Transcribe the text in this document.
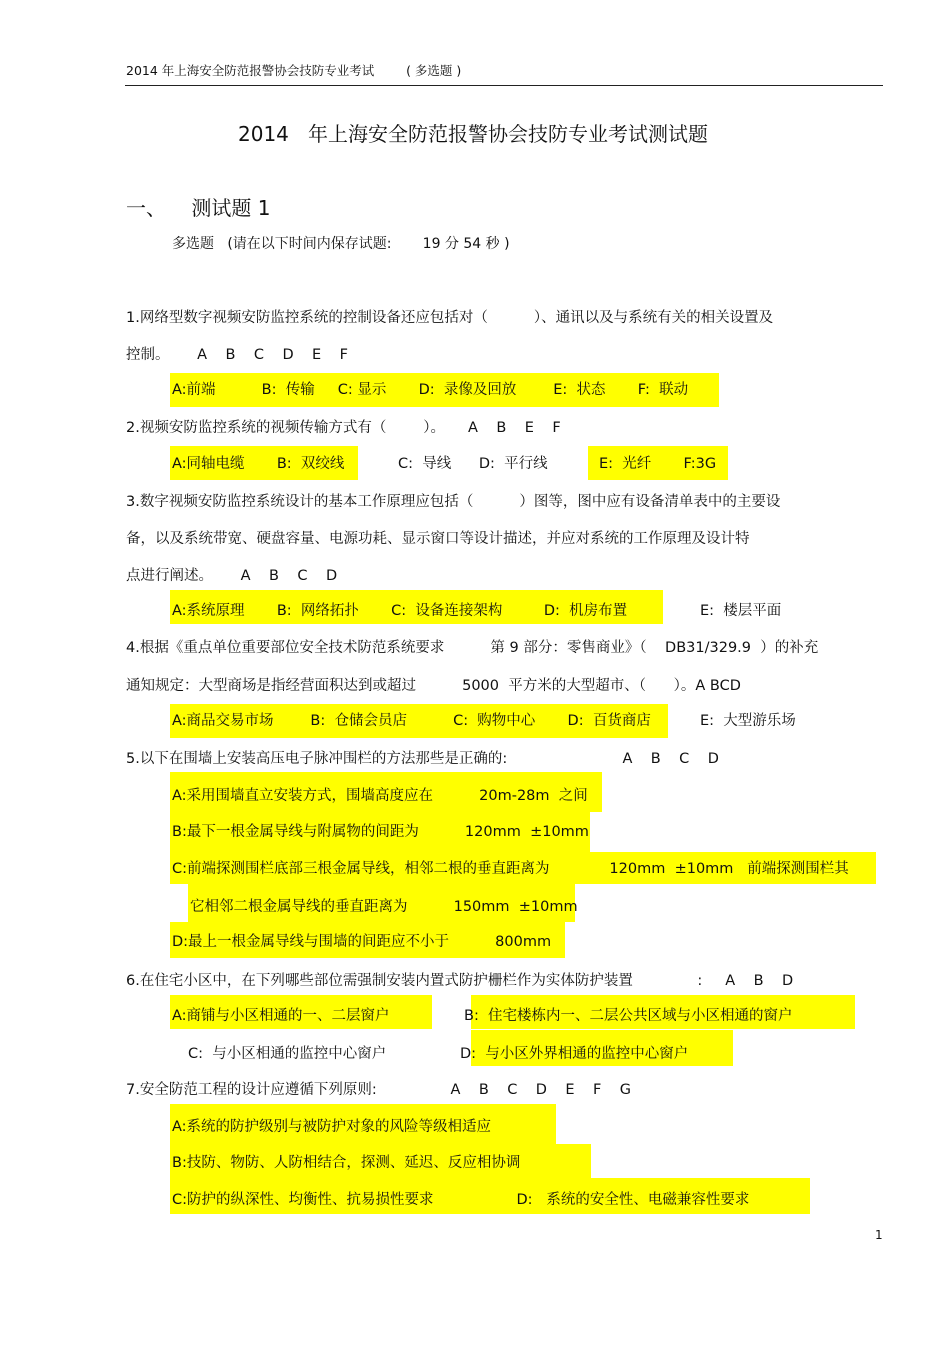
2014 年上海安全防范报警协会技防专业考试        ( 多选题 )
2014   年上海安全防范报警协会技防专业考试测试题
一、    测试题 1
多选题   (请在以下时间内保存试题:       19 分 54 秒 )
1.网络型数字视频安防监控系统的控制设备还应包括对（          ）、通讯以及与系统有关的相关设置及
控制。      A    B    C    D    E    F
A:前端          B:  传输     C: 显示       D:  录像及回放        E:  状态       F:  联动
2.视频安防监控系统的视频传输方式有（        ）。     A    B    E    F
A:同轴电缆       B:  双绞线	C:  导线      D:  平行线	E:  光纤       F:3G
3.数字视频安防监控系统设计的基本工作原理应包括（          ）图等，图中应有设备清单表中的主要设
备，以及系统带宽、硬盘容量、电源功耗、显示窗口等设计描述，并应对系统的工作原理及设计特
点进行阐述。      A    B    C    D
A:系统原理       B:  网络拓扑       C:  设备连接架构         D:  机房布置	E:  楼层平面
4.根据《重点单位重要部位安全技术防范系统要求          第 9 部分：零售商业》（    DB31/329.9  ）的补充
通知规定：大型商场是指经营面积达到或超过          5000  平方米的大型超市、（      ）。A BCD
A:商品交易市场        B:  仓储会员店          C:  购物中心       D:  百货商店	E:  大型游乐场
5.以下在围墙上安装高压电子脉冲围栏的方法那些是正确的:                         A    B    C    D
A:采用围墙直立安装方式，围墙高度应在          20m-28m  之间
B:最下一根金属导线与附属物的间距为          120mm  ±10mm
C:前端探测围栏底部三根金属导线，相邻二根的垂直距离为             120mm  ±10mm   前端探测围栏其
它相邻二根金属导线的垂直距离为          150mm  ±10mm
D:最上一根金属导线与围墙的间距应不小于          800mm
6.在住宅小区中，在下列哪些部位需强制安装内置式防护栅栏作为实体防护装置              :     A    B    D
A:商铺与小区相通的一、二层窗户	B:  住宅楼栋内一、二层公共区域与小区相通的窗户
C:  与小区相通的监控中心窗户	D:  与小区外界相通的监控中心窗户
7.安全防范工程的设计应遵循下列原则:                A    B    C    D    E    F    G
A:系统的防护级别与被防护对象的风险等级相适应
B:技防、物防、人防相结合，探测、延迟、反应相协调
C:防护的纵深性、均衡性、抗易损性要求                  D:   系统的安全性、电磁兼容性要求
1
